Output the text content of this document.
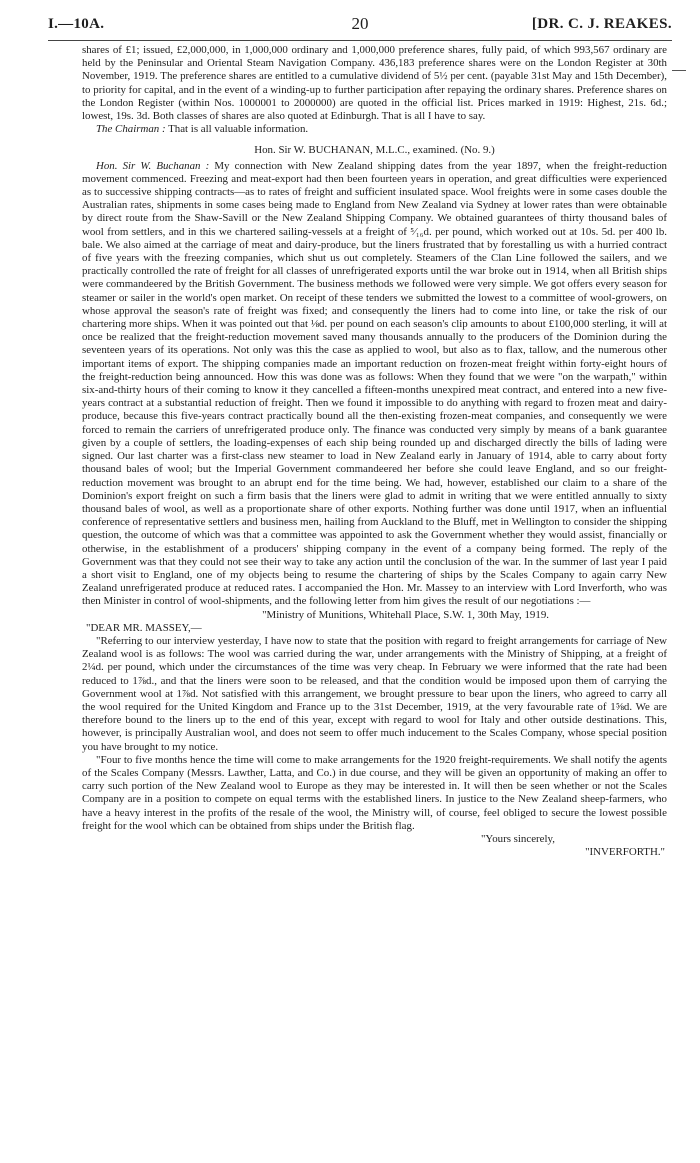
I.—10A.	20	[DR. C. J. REAKES.

shares of £1; issued, £2,000,000, in 1,000,000 ordinary and 1,000,000 preference shares, fully paid, of which 993,567 ordinary are held by the Peninsular and Oriental Steam Navigation Company. 436,183 preference shares were on the London Register at 30th November, 1919. The preference shares are entitled to a cumulative dividend of 5½ per cent. (payable 31st May and 15th December), to priority for capital, and in the event of a winding-up to further participation after repaying the ordinary shares. Preference shares on the London Register (within Nos. 1000001 to 2000000) are quoted in the official list. Prices marked in 1919: Highest, 21s. 6d.; lowest, 19s. 3d. Both classes of shares are also quoted at Edinburgh. That is all I have to say.

The Chairman : That is all valuable information.

Hon. Sir W. BUCHANAN, M.L.C., examined. (No. 9.)

Hon. Sir W. Buchanan : My connection with New Zealand shipping dates from the year 1897, when the freight-reduction movement commenced. Freezing and meat-export had then been fourteen years in operation, and great difficulties were experienced as to successive shipping contracts—as to rates of freight and sufficient insulated space. Wool freights were in some cases double the Australian rates, shipments in some cases being made to England from New Zealand via Sydney at lower rates than were obtainable by direct route from the Shaw-Savill or the New Zealand Shipping Company. We obtained guarantees of thirty thousand bales of wool from settlers, and in this we chartered sailing-vessels at a freight of ⁵⁄₁₆d. per pound, which worked out at 10s. 5d. per 400 lb. bale. We also aimed at the carriage of meat and dairy-produce, but the liners frustrated that by forestalling us with a hurried contract of five years with the freezing companies, which shut us out completely. Steamers of the Clan Line followed the sailers, and we practically controlled the rate of freight for all classes of unrefrigerated exports until the war broke out in 1914, when all British ships were commandeered by the British Government. The business methods we followed were very simple. We got offers every season for steamer or sailer in the world's open market. On receipt of these tenders we submitted the lowest to a committee of wool-growers, on whose approval the season's rate of freight was fixed; and consequently the liners had to come into line, or take the risk of our chartering more ships. When it was pointed out that ⅛d. per pound on each season's clip amounts to about £100,000 sterling, it will at once be realized that the freight-reduction movement saved many thousands annually to the producers of the Dominion during the seventeen years of its operations. Not only was this the case as applied to wool, but also as to flax, tallow, and the numerous other important items of export. The shipping companies made an important reduction on frozen-meat freight within forty-eight hours of the freight-reduction being announced. How this was done was as follows: When they found that we were "on the warpath," within six-and-thirty hours of their coming to know it they cancelled a fifteen-months unexpired meat contract, and entered into a new five-years contract at a substantial reduction of freight. Then we found it impossible to do anything with regard to frozen meat and dairy-produce, because this five-years contract practically bound all the then-existing frozen-meat companies, and consequently we were forced to remain the carriers of unrefrigerated produce only. The finance was conducted very simply by means of a bank guarantee given by a couple of settlers, the loading-expenses of each ship being rounded up and discharged directly the bills of lading were signed. Our last charter was a first-class new steamer to load in New Zealand early in January of 1914, able to carry about forty thousand bales of wool; but the Imperial Government commandeered her before she could leave England, and so our freight-reduction movement was brought to an abrupt end for the time being. We had, however, established our claim to a share of the Dominion's export freight on such a firm basis that the liners were glad to admit in writing that we were entitled annually to sixty thousand bales of wool, as well as a proportionate share of other exports. Nothing further was done until 1917, when an influential conference of representative settlers and business men, hailing from Auckland to the Bluff, met in Wellington to consider the shipping question, the outcome of which was that a committee was appointed to ask the Government whether they would assist, financially or otherwise, in the establishment of a producers' shipping company in the event of a company being formed. The reply of the Government was that they could not see their way to take any action until the conclusion of the war. In the summer of last year I paid a short visit to England, one of my objects being to resume the chartering of ships by the Scales Company to again carry New Zealand unrefrigerated produce at reduced rates. I accompanied the Hon. Mr. Massey to an interview with Lord Inverforth, who was then Minister in control of wool-shipments, and the following letter from him gives the result of our negotiations :—

"Ministry of Munitions, Whitehall Place, S.W. 1, 30th May, 1919.

"DEAR MR. MASSEY,—

"Referring to our interview yesterday, I have now to state that the position with regard to freight arrangements for carriage of New Zealand wool is as follows: The wool was carried during the war, under arrangements with the Ministry of Shipping, at a freight of 2¼d. per pound, which under the circumstances of the time was very cheap. In February we were informed that the rate had been reduced to 1⅞d., and that the liners were soon to be released, and that the condition would be imposed upon them of carrying the Government wool at 1⅞d. Not satisfied with this arrangement, we brought pressure to bear upon the liners, who agreed to carry all the wool required for the United Kingdom and France up to the 31st December, 1919, at the very favourable rate of 1⅝d. We are therefore bound to the liners up to the end of this year, except with regard to wool for Italy and other outside destinations. This, however, is principally Australian wool, and does not seem to offer much inducement to the Scales Company, whose special position you have brought to my notice.

"Four to five months hence the time will come to make arrangements for the 1920 freight-requirements. We shall notify the agents of the Scales Company (Messrs. Lawther, Latta, and Co.) in due course, and they will be given an opportunity of making an offer to carry such portion of the New Zealand wool to Europe as they may be interested in. It will then be seen whether or not the Scales Company are in a position to compete on equal terms with the established liners. In justice to the New Zealand sheep-farmers, who have a heavy interest in the profits of the resale of the wool, the Ministry will, of course, feel obliged to secure the lowest possible freight for the wool which can be obtained from ships under the British flag.

"Yours sincerely,

"INVERFORTH."
